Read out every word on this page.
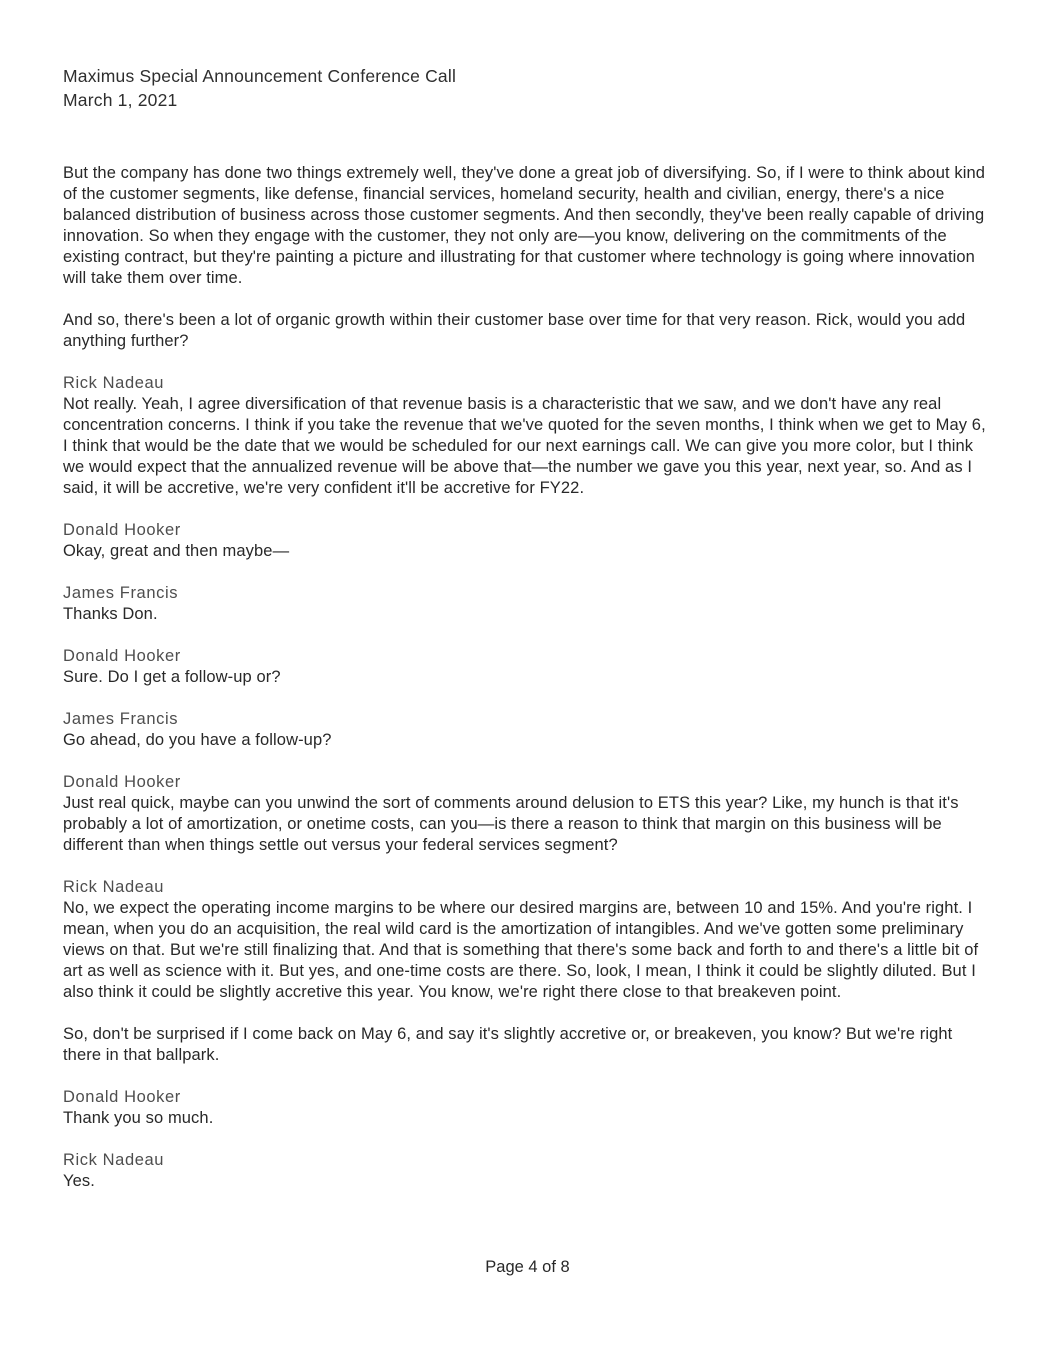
Maximus Special Announcement Conference Call
March 1, 2021
But the company has done two things extremely well, they've done a great job of diversifying. So, if I were to think about kind of the customer segments, like defense, financial services, homeland security, health and civilian, energy, there's a nice balanced distribution of business across those customer segments. And then secondly, they've been really capable of driving innovation. So when they engage with the customer, they not only are—you know, delivering on the commitments of the existing contract, but they're painting a picture and illustrating for that customer where technology is going where innovation will take them over time.
And so, there's been a lot of organic growth within their customer base over time for that very reason. Rick, would you add anything further?
Rick Nadeau
Not really. Yeah, I agree diversification of that revenue basis is a characteristic that we saw, and we don't have any real concentration concerns. I think if you take the revenue that we've quoted for the seven months, I think when we get to May 6, I think that would be the date that we would be scheduled for our next earnings call. We can give you more color, but I think we would expect that the annualized revenue will be above that—the number we gave you this year, next year, so. And as I said, it will be accretive, we're very confident it'll be accretive for FY22.
Donald Hooker
Okay, great and then maybe—
James Francis
Thanks Don.
Donald Hooker
Sure. Do I get a follow-up or?
James Francis
Go ahead, do you have a follow-up?
Donald Hooker
Just real quick, maybe can you unwind the sort of comments around delusion to ETS this year? Like, my hunch is that it's probably a lot of amortization, or onetime costs, can you—is there a reason to think that margin on this business will be different than when things settle out versus your federal services segment?
Rick Nadeau
No, we expect the operating income margins to be where our desired margins are, between 10 and 15%. And you're right. I mean, when you do an acquisition, the real wild card is the amortization of intangibles. And we've gotten some preliminary views on that. But we're still finalizing that. And that is something that there's some back and forth to and there's a little bit of art as well as science with it. But yes, and one-time costs are there. So, look, I mean, I think it could be slightly diluted. But I also think it could be slightly accretive this year. You know, we're right there close to that breakeven point.
So, don't be surprised if I come back on May 6, and say it's slightly accretive or, or breakeven, you know? But we're right there in that ballpark.
Donald Hooker
Thank you so much.
Rick Nadeau
Yes.
Page 4 of 8
